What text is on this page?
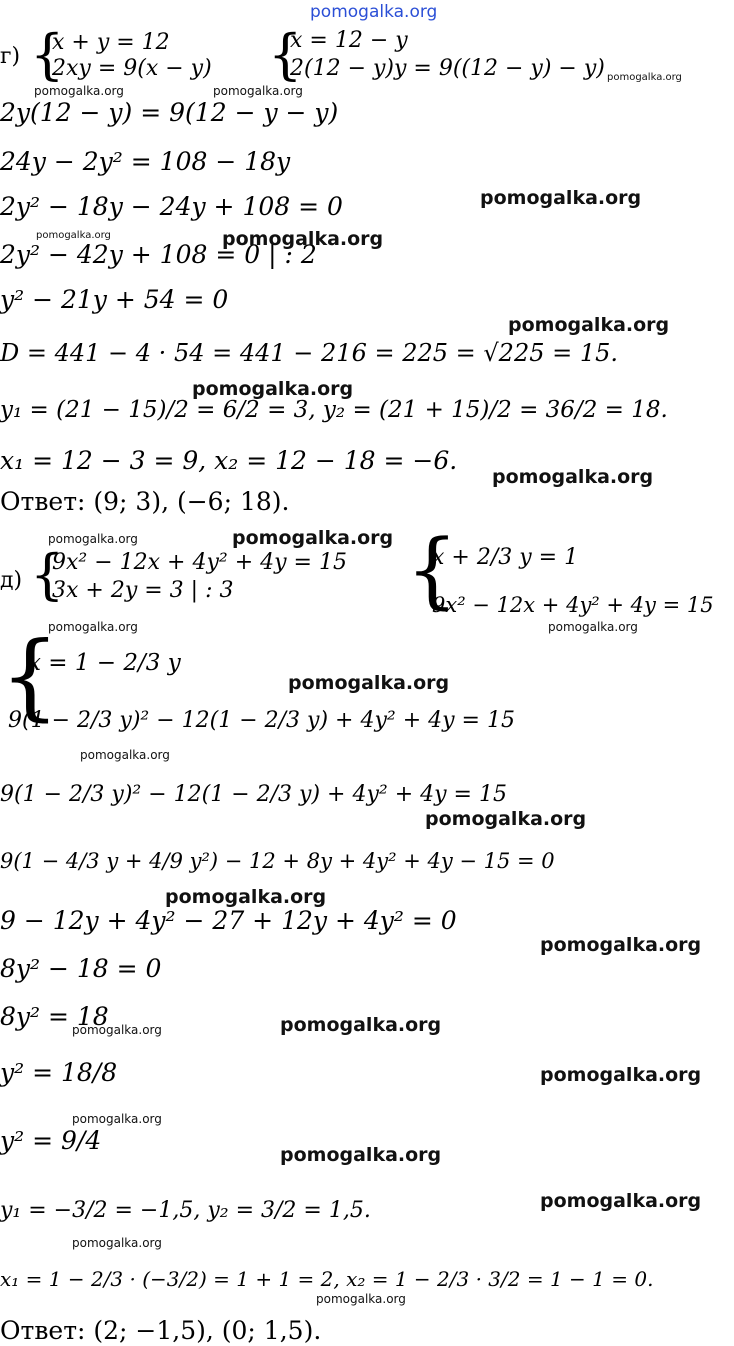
pomogalka.org
г) {
x + y = 12
2xy = 9(x − y) {
x = 12 − y
2(12 − y)y = 9((12 − y) − y)
pomogalka.org	pomogalka.org
pomogalka.org
2y(12 − y) = 9(12 − y − y)
24y − 2y² = 108 − 18y
2y² − 18y − 24y + 108 = 0	pomogalka.org
pomogalka.org
2y² − 42y + 108 = 0 | : 2
pomogalka.org
y² − 21y + 54 = 0
pomogalka.org
D = 441 − 4 · 54 = 441 − 216 = 225 = √225 = 15.
y₁ = (21 − 15)/2 = 6/2 = 3, y₂ = (21 + 15)/2 = 36/2 = 18.
pomogalka.org
x₁ = 12 − 3 = 9, x₂ = 12 − 18 = −6.
pomogalka.org
Ответ: (9; 3), (−6; 18).
pomogalka.org	pomogalka.org
д) {
9x² − 12x + 4y² + 4y = 15
3x + 2y = 3 | : 3 {
x + 2/3 y = 1
9x² − 12x + 4y² + 4y = 15
pomogalka.org
pomogalka.org
{
x = 1 − 2/3 y
9(1 − 2/3 y)² − 12(1 − 2/3 y) + 4y² + 4y = 15
pomogalka.org
pomogalka.org
9(1 − 2/3 y)² − 12(1 − 2/3 y) + 4y² + 4y = 15
pomogalka.org
9(1 − 4/3 y + 4/9 y²) − 12 + 8y + 4y² + 4y − 15 = 0
pomogalka.org
9 − 12y + 4y² − 27 + 12y + 4y² = 0
pomogalka.org
8y² − 18 = 0
8y² = 18
pomogalka.org	pomogalka.org
y² = 18/8	pomogalka.org
pomogalka.org
y² = 9/4	pomogalka.org
y₁ = −3/2 = −1,5, y₂ = 3/2 = 1,5.	pomogalka.org
pomogalka.org
x₁ = 1 − 2/3 · (−3/2) = 1 + 1 = 2, x₂ = 1 − 2/3 · 3/2 = 1 − 1 = 0.
pomogalka.org
Ответ: (2; −1,5), (0; 1,5).
